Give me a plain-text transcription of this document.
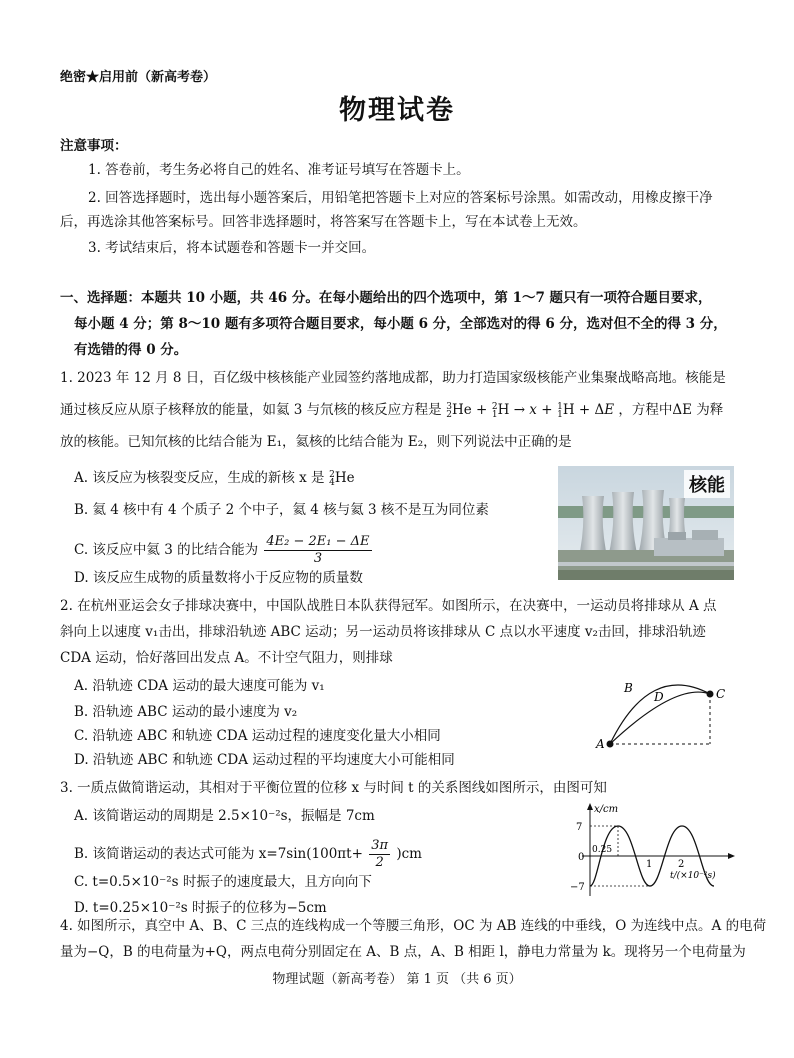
绝密★启用前（新高考卷）
物理试卷
注意事项：
1. 答卷前，考生务必将自己的姓名、准考证号填写在答题卡上。
2. 回答选择题时，选出每小题答案后，用铅笔把答题卡上对应的答案标号涂黑。如需改动，用橡皮擦干净
后，再选涂其他答案标号。回答非选择题时，将答案写在答题卡上，写在本试卷上无效。
3. 考试结束后，将本试题卷和答题卡一并交回。
一、选择题：本题共 10 小题，共 46 分。在每小题给出的四个选项中，第 1～7 题只有一项符合题目要求，
每小题 4 分；第 8～10 题有多项符合题目要求，每小题 6 分，全部选对的得 6 分，选对但不全的得 3 分，
有选错的得 0 分。
1. 2023 年 12 月 8 日，百亿级中核核能产业园签约落地成都，助力打造国家级核能产业集聚战略高地。核能是
通过核反应从原子核释放的能量，如氦 3 与氘核的核反应方程是 3
2 He + 2
1 H → x + 1
1 H + ΔE ，方程中ΔE 为释
放的核能。已知氘核的比结合能为 E₁，氦核的比结合能为 E₂，则下列说法中正确的是
A. 该反应为核裂变反应，生成的新核 x 是 2
4 He
B. 氦 4 核中有 4 个质子 2 个中子，氦 4 核与氦 3 核不是互为同位素
C. 该反应中氦 3 的比结合能为 $\frac{\text{4E₂ − 2E₁ − ΔE}}{3}$
D. 该反应生成物的质量数将小于反应物的质量数
核能
2. 在杭州亚运会女子排球决赛中，中国队战胜日本队获得冠军。如图所示，在决赛中，一运动员将排球从 A 点
斜向上以速度 v₁击出，排球沿轨迹 ABC 运动；另一运动员将该排球从 C 点以水平速度 v₂击回，排球沿轨迹
CDA 运动，恰好落回出发点 A。不计空气阻力，则排球
A. 沿轨迹 CDA 运动的最大速度可能为 v₁
B. 沿轨迹 ABC 运动的最小速度为 v₂
C. 沿轨迹 ABC 和轨迹 CDA 运动过程的速度变化量大小相同
D. 沿轨迹 ABC 和轨迹 CDA 运动过程的平均速度大小可能相同
A
B	C
D
3. 一质点做简谐运动，其相对于平衡位置的位移 x 与时间 t 的关系图线如图所示，由图可知
A. 该简谐运动的周期是 2.5×10⁻²s，振幅是 7cm
B. 该简谐运动的表达式可能为 $x=7\sin(100\pi t+ \frac{3\pi}{2} )cm$
C. t=0.5×10⁻²s 时振子的速度最大，且方向向下
D. t=0.25×10⁻²s 时振子的位移为−5cm
x/cm
7
−7
0
0.25
1	2
t/(×10⁻²s)
4. 如图所示，真空中 A、B、C 三点的连线构成一个等腰三角形，OC 为 AB 连线的中垂线，O 为连线中点。A 的电荷
量为−Q，B 的电荷量为+Q，两点电荷分别固定在 A、B 点，A、B 相距 l，静电力常量为 k。现将另一个电荷量为
物理试题（新高考卷） 第 1 页 （共 6 页）
